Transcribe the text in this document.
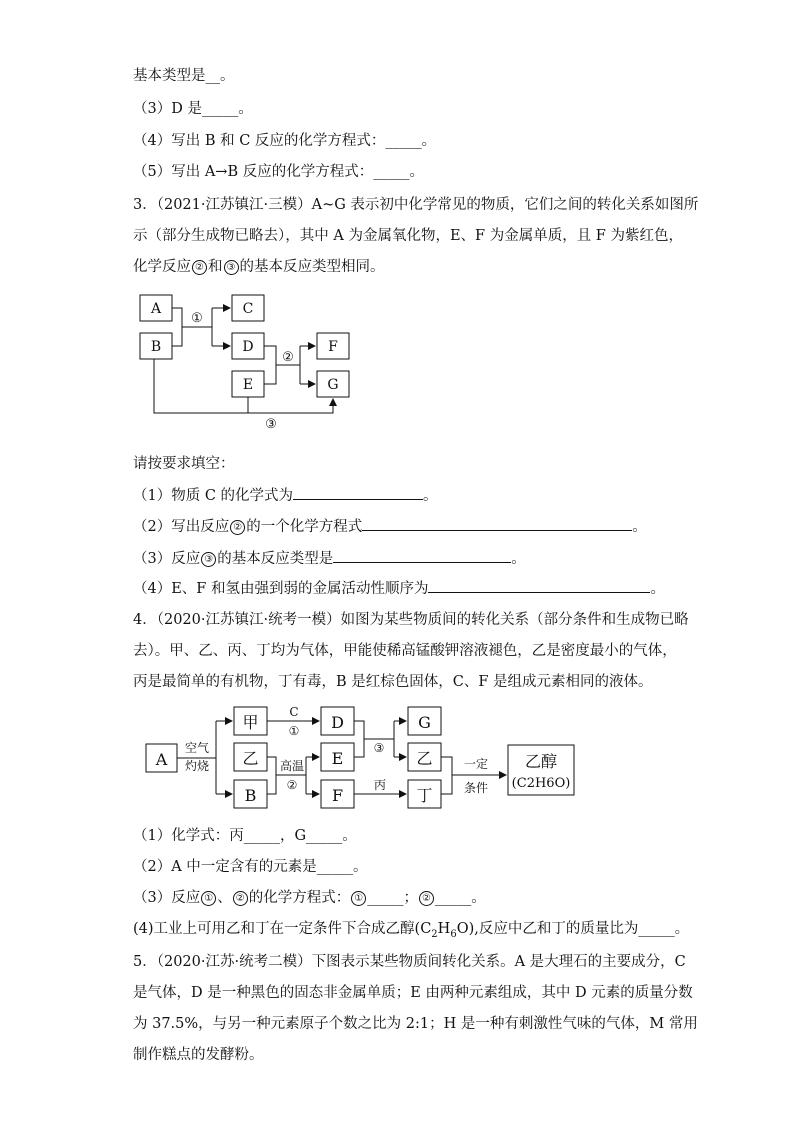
基本类型是__。
（3）D 是_____。
（4）写出 B 和 C 反应的化学方程式：_____。
（5）写出 A→B 反应的化学方程式：_____。
3．（2021·江苏镇江·三模）A~G 表示初中化学常见的物质，它们之间的转化关系如图所
示（部分生成物已略去），其中 A 为金属氧化物，E、F 为金属单质，且 F 为紫红色，
化学反应 ② 和 ③ 的基本反应类型相同。
A
B
C
D
E
F
G
①
②
③
请按要求填空：
（1）物质 C 的化学式为	。
（2）写出反应 ② 的一个化学方程式	。
（3）反应 ③ 的基本反应类型是	。
（4）E、F 和氢由强到弱的金属活动性顺序为	。
4．（2020·江苏镇江·统考一模）如图为某些物质间的转化关系（部分条件和生成物已略
去）。甲、乙、丙、丁均为气体，甲能使稀高锰酸钾溶液褪色，乙是密度最小的气体，
丙是最简单的有机物，丁有毒，B 是红棕色固体，C、F 是组成元素相同的液体。
A
甲
乙
B
D
E
F
G
乙
丁
乙醇
(C2H6O)
空气
灼烧
C
①
高温
②
③
丙
一定
条件
（1）化学式：丙_____，G_____。
（2）A 中一定含有的元素是_____。
（3）反应 ① 、 ② 的化学方程式： ① _____； ② _____。
(4)工业上可用乙和丁在一定条件下合成乙醇$(C_2H_6O)$,反应中乙和丁的质量比为_____。
5．（2020·江苏·统考二模）下图表示某些物质间转化关系。A 是大理石的主要成分，C
是气体，D 是一种黑色的固态非金属单质；E 由两种元素组成，其中 D 元素的质量分数
为 37.5%，与另一种元素原子个数之比为 2:1；H 是一种有刺激性气味的气体，M 常用
制作糕点的发酵粉。
